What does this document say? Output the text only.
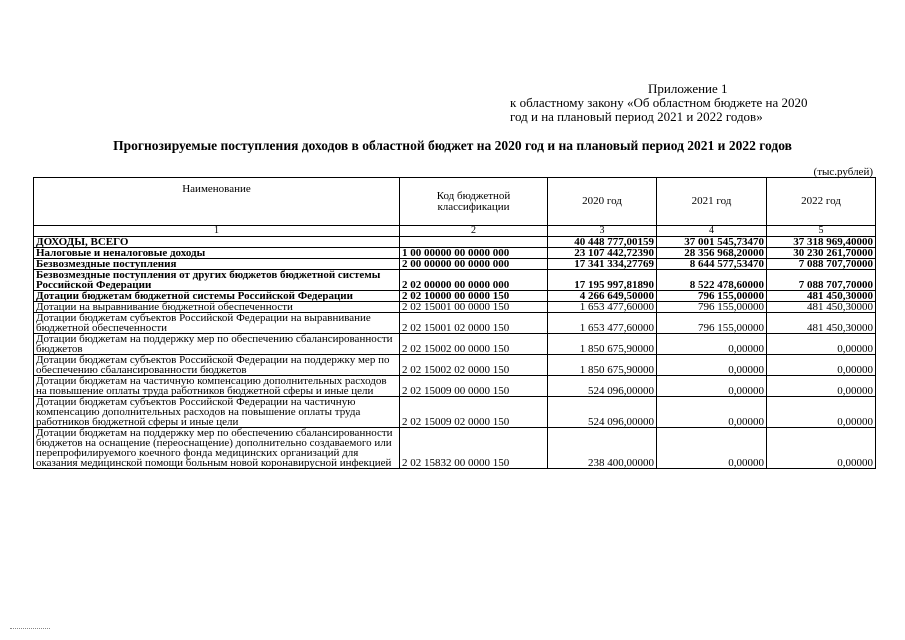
Приложение 1
к областному закону «Об областном бюджете на 2020
год и на плановый период 2021 и 2022 годов»
Прогнозируемые поступления доходов в областной бюджет на 2020 год и на плановый период 2021 и 2022 годов
(тыс.рублей)
Наименование	Код бюджетной классификации	2020 год	2021 год	2022 год
1	2	3	4	5
ДОХОДЫ, ВСЕГО		40 448 777,00159	37 001 545,73470	37 318 969,40000
Налоговые и неналоговые доходы	1 00 00000 00 0000 000	23 107 442,72390	28 356 968,20000	30 230 261,70000
Безвозмездные поступления	2 00 00000 00 0000 000	17 341 334,27769	8 644 577,53470	7 088 707,70000
Безвозмездные поступления от других бюджетов бюджетной системы Российской Федерации	2 02 00000 00 0000 000	17 195 997,81890	8 522 478,60000	7 088 707,70000
Дотации бюджетам бюджетной системы Российской Федерации	2 02 10000 00 0000 150	4 266 649,50000	796 155,00000	481 450,30000
Дотации на выравнивание бюджетной обеспеченности	2 02 15001 00 0000 150	1 653 477,60000	796 155,00000	481 450,30000
Дотации бюджетам субъектов Российской Федерации на выравнивание бюджетной обеспеченности	2 02 15001 02 0000 150	1 653 477,60000	796 155,00000	481 450,30000
Дотации бюджетам на поддержку мер по обеспечению сбалансированности бюджетов	2 02 15002 00 0000 150	1 850 675,90000	0,00000	0,00000
Дотации бюджетам субъектов Российской Федерации на поддержку мер по обеспечению сбалансированности бюджетов	2 02 15002 02 0000 150	1 850 675,90000	0,00000	0,00000
Дотации бюджетам на частичную компенсацию дополнительных расходов на повышение оплаты труда работников бюджетной сферы и иные цели	2 02 15009 00 0000 150	524 096,00000	0,00000	0,00000
Дотации бюджетам субъектов Российской Федерации на частичную компенсацию дополнительных расходов на повышение оплаты труда работников бюджетной сферы и иные цели	2 02 15009 02 0000 150	524 096,00000	0,00000	0,00000
Дотации бюджетам на поддержку мер по обеспечению сбалансированности бюджетов на оснащение (переоснащение) дополнительно создаваемого или перепрофилируемого коечного фонда медицинских организаций для оказания медицинской помощи больным новой коронавирусной инфекцией	2 02 15832 00 0000 150	238 400,00000	0,00000	0,00000
